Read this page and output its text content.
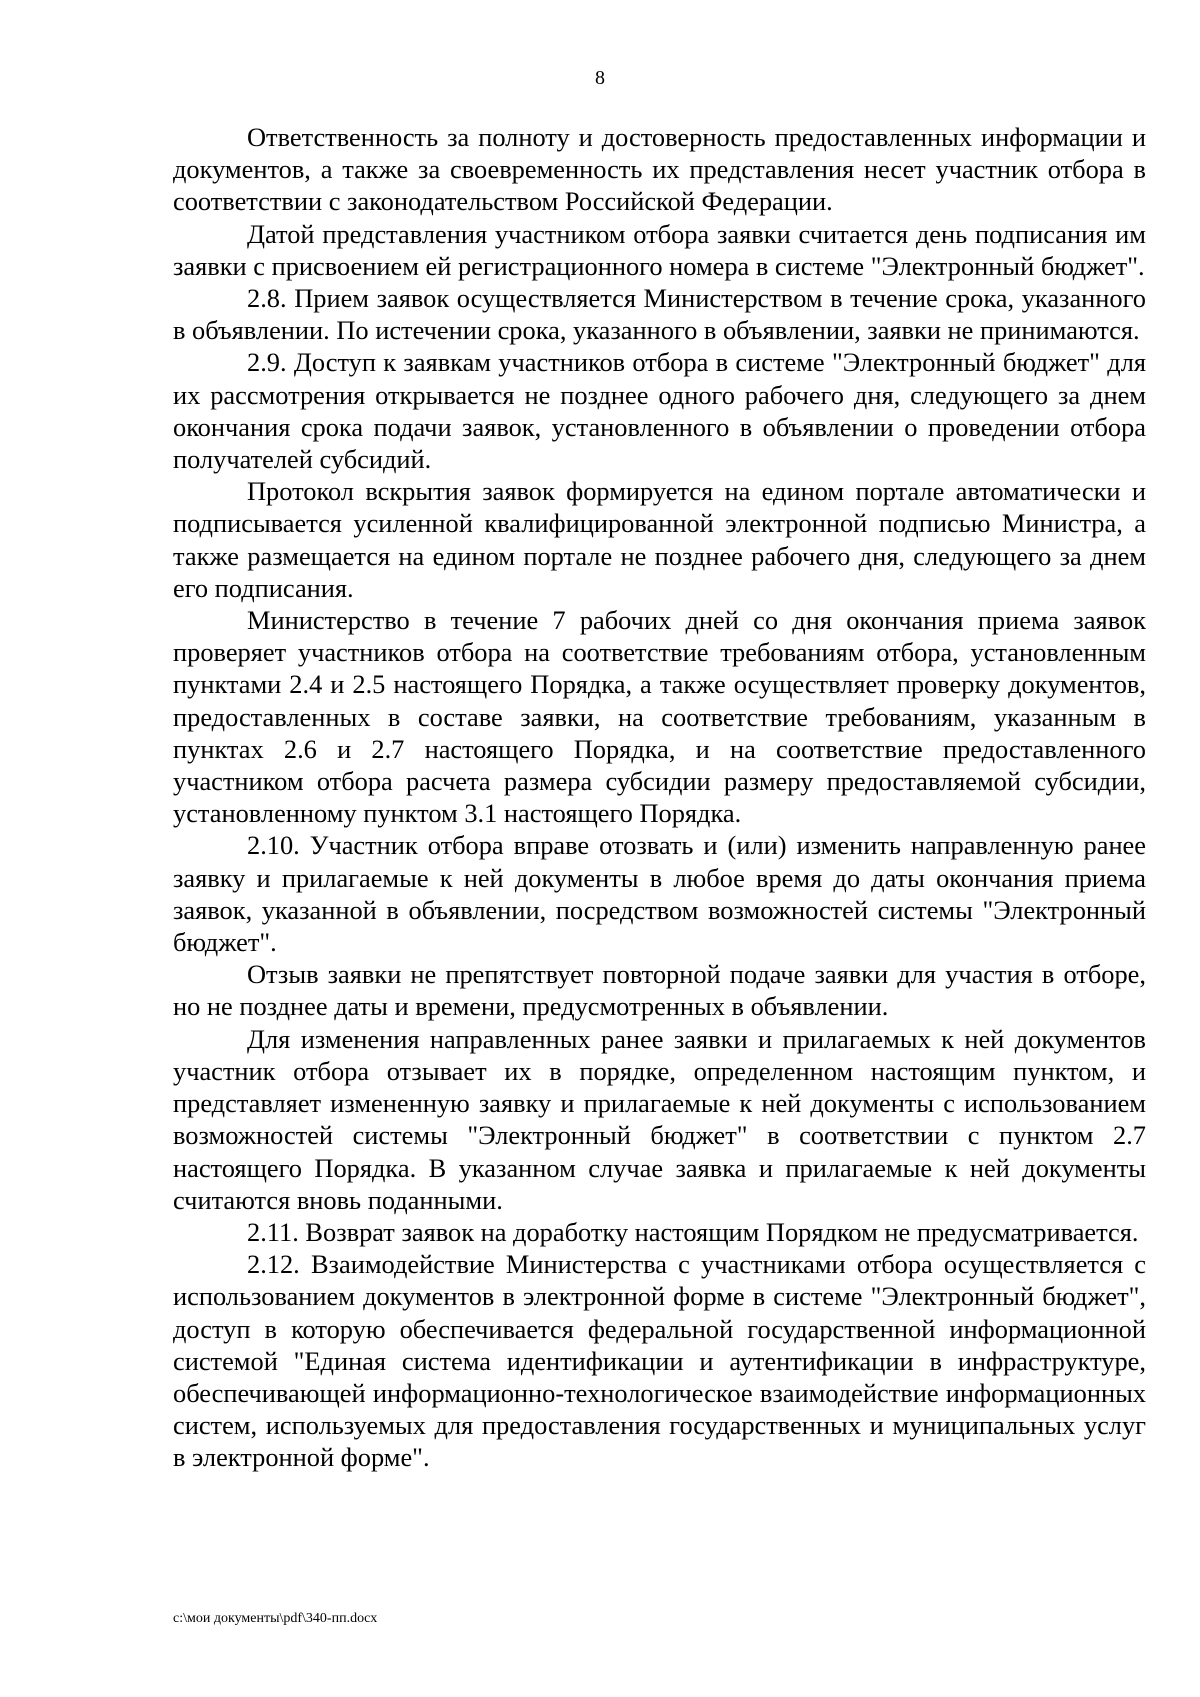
8

Ответственность за полноту и достоверность предоставленных информации и документов, а также за своевременность их представления несет участник отбора в соответствии с законодательством Российской Федерации.

Датой представления участником отбора заявки считается день подписания им заявки с присвоением ей регистрационного номера в системе "Электронный бюджет".

2.8. Прием заявок осуществляется Министерством в течение срока, указанного в объявлении. По истечении срока, указанного в объявлении, заявки не принимаются.

2.9. Доступ к заявкам участников отбора в системе "Электронный бюджет" для их рассмотрения открывается не позднее одного рабочего дня, следующего за днем окончания срока подачи заявок, установленного в объявлении о проведении отбора получателей субсидий.

Протокол вскрытия заявок формируется на едином портале автоматически и подписывается усиленной квалифицированной электронной подписью Министра, а также размещается на едином портале не позднее рабочего дня, следующего за днем его подписания.

Министерство в течение 7 рабочих дней со дня окончания приема заявок проверяет участников отбора на соответствие требованиям отбора, установленным пунктами 2.4 и 2.5 настоящего Порядка, а также осуществляет проверку документов, предоставленных в составе заявки, на соответствие требованиям, указанным в пунктах 2.6 и 2.7 настоящего Порядка, и на соответствие предоставленного участником отбора расчета размера субсидии размеру предоставляемой субсидии, установленному пунктом 3.1 настоящего Порядка.

2.10. Участник отбора вправе отозвать и (или) изменить направленную ранее заявку и прилагаемые к ней документы в любое время до даты окончания приема заявок, указанной в объявлении, посредством возможностей системы "Электронный бюджет".

Отзыв заявки не препятствует повторной подаче заявки для участия в отборе, но не позднее даты и времени, предусмотренных в объявлении.

Для изменения направленных ранее заявки и прилагаемых к ней документов участник отбора отзывает их в порядке, определенном настоящим пунктом, и представляет измененную заявку и прилагаемые к ней документы с использованием возможностей системы "Электронный бюджет" в соответствии с пунктом 2.7 настоящего Порядка. В указанном случае заявка и прилагаемые к ней документы считаются вновь поданными.

2.11. Возврат заявок на доработку настоящим Порядком не предусматривается.

2.12. Взаимодействие Министерства с участниками отбора осуществляется с использованием документов в электронной форме в системе "Электронный бюджет", доступ в которую обеспечивается федеральной государственной информационной системой "Единая система идентификации и аутентификации в инфраструктуре, обеспечивающей информационно-технологическое взаимодействие информационных систем, используемых для предоставления государственных и муниципальных услуг в электронной форме".

c:\мои документы\pdf\340-пп.docx
